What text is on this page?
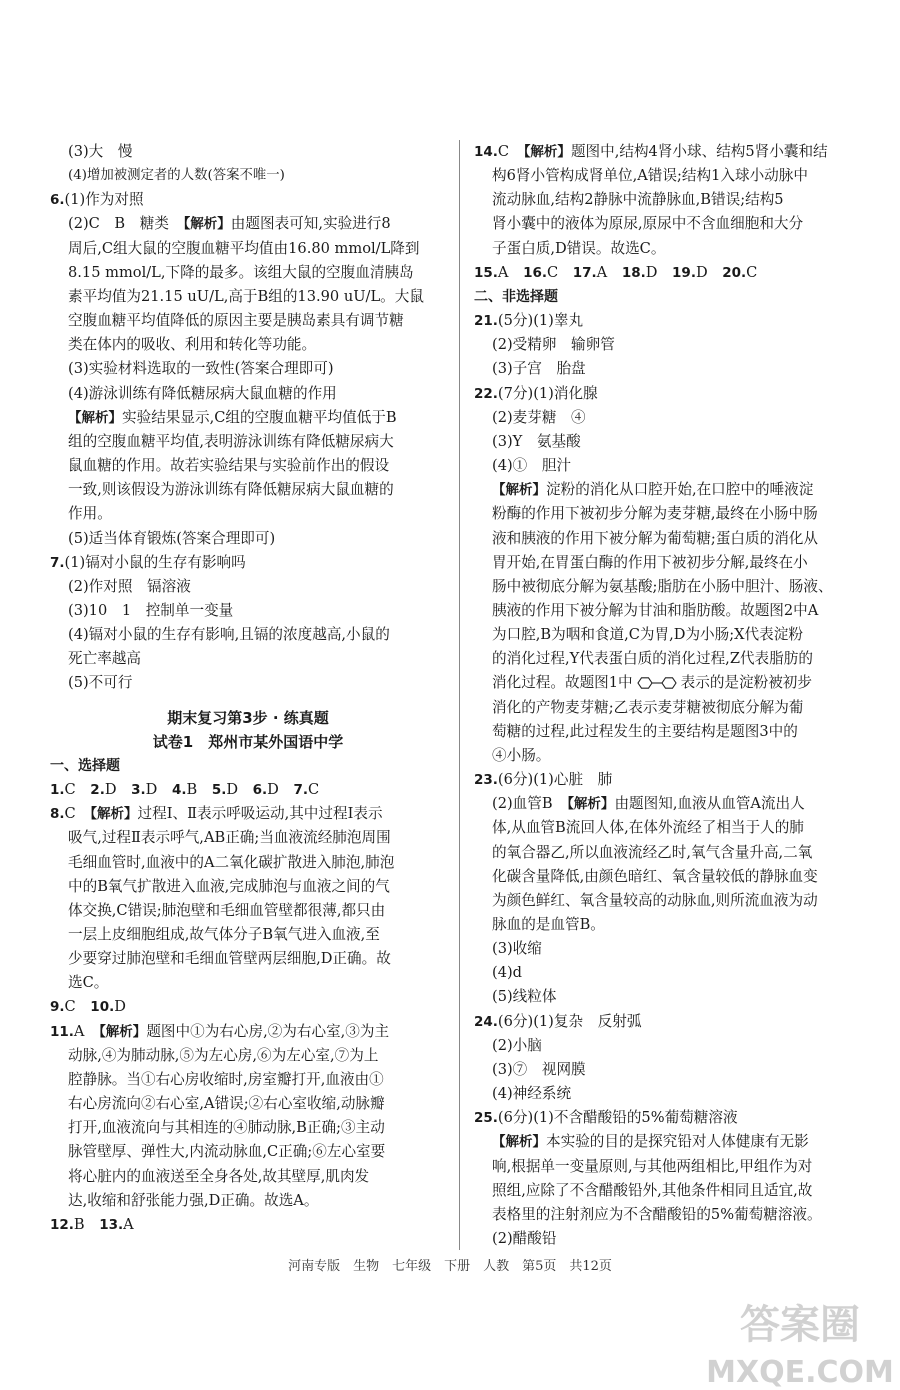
(3)大　慢
(4)增加被测定者的人数(答案不唯一)
6.(1)作为对照
(2)C　B　糖类　【解析】由题图表可知,实验进行8
周后,C组大鼠的空腹血糖平均值由16.80 mmol/L降到
8.15 mmol/L,下降的最多。该组大鼠的空腹血清胰岛
素平均值为21.15 uU/L,高于B组的13.90 uU/L。大鼠
空腹血糖平均值降低的原因主要是胰岛素具有调节糖
类在体内的吸收、利用和转化等功能。
(3)实验材料选取的一致性(答案合理即可)
(4)游泳训练有降低糖尿病大鼠血糖的作用
【解析】实验结果显示,C组的空腹血糖平均值低于B
组的空腹血糖平均值,表明游泳训练有降低糖尿病大
鼠血糖的作用。故若实验结果与实验前作出的假设
一致,则该假设为游泳训练有降低糖尿病大鼠血糖的
作用。
(5)适当体育锻炼(答案合理即可)
7.(1)镉对小鼠的生存有影响吗
(2)作对照　镉溶液
(3)10　1　控制单一变量
(4)镉对小鼠的生存有影响,且镉的浓度越高,小鼠的
死亡率越高
(5)不可行
期末复习第3步 · 练真题
试卷1　郑州市某外国语中学
一、选择题
1.C  2.D  3.D  4.B  5.D  6.D  7.C
8.C　【解析】过程Ⅰ、Ⅱ表示呼吸运动,其中过程Ⅰ表示
吸气,过程Ⅱ表示呼气,AB正确;当血液流经肺泡周围
毛细血管时,血液中的A二氧化碳扩散进入肺泡,肺泡
中的B氧气扩散进入血液,完成肺泡与血液之间的气
体交换,C错误;肺泡壁和毛细血管壁都很薄,都只由
一层上皮细胞组成,故气体分子B氧气进入血液,至
少要穿过肺泡壁和毛细血管壁两层细胞,D正确。故
选C。
9.C  10.D
11.A　【解析】题图中①为右心房,②为右心室,③为主
动脉,④为肺动脉,⑤为左心房,⑥为左心室,⑦为上
腔静脉。当①右心房收缩时,房室瓣打开,血液由①
右心房流向②右心室,A错误;②右心室收缩,动脉瓣
打开,血液流向与其相连的④肺动脉,B正确;③主动
脉管壁厚、弹性大,内流动脉血,C正确;⑥左心室要
将心脏内的血液送至全身各处,故其壁厚,肌肉发
达,收缩和舒张能力强,D正确。故选A。
12.B  13.A
14.C　【解析】题图中,结构4肾小球、结构5肾小囊和结
构6肾小管构成肾单位,A错误;结构1入球小动脉中
流动脉血,结构2静脉中流静脉血,B错误;结构5
肾小囊中的液体为原尿,原尿中不含血细胞和大分
子蛋白质,D错误。故选C。
15.A  16.C  17.A  18.D  19.D  20.C
二、非选择题
21.(5分)(1)睾丸
(2)受精卵　输卵管
(3)子宫　胎盘
22.(7分)(1)消化腺
(2)麦芽糖　④
(3)Y　氨基酸
(4)①　胆汁
【解析】淀粉的消化从口腔开始,在口腔中的唾液淀
粉酶的作用下被初步分解为麦芽糖,最终在小肠中肠
液和胰液的作用下被分解为葡萄糖;蛋白质的消化从
胃开始,在胃蛋白酶的作用下被初步分解,最终在小
肠中被彻底分解为氨基酸;脂肪在小肠中胆汁、肠液、
胰液的作用下被分解为甘油和脂肪酸。故题图2中A
为口腔,B为咽和食道,C为胃,D为小肠;X代表淀粉
的消化过程,Y代表蛋白质的消化过程,Z代表脂肪的
消化过程。故题图1中	表示的是淀粉被初步
消化的产物麦芽糖;乙表示麦芽糖被彻底分解为葡
萄糖的过程,此过程发生的主要结构是题图3中的
④小肠。
23.(6分)(1)心脏　肺
(2)血管B　【解析】由题图知,血液从血管A流出人
体,从血管B流回人体,在体外流经了相当于人的肺
的氧合器乙,所以血液流经乙时,氧气含量升高,二氧
化碳含量降低,由颜色暗红、氧含量较低的静脉血变
为颜色鲜红、氧含量较高的动脉血,则所流血液为动
脉血的是血管B。
(3)收缩
(4)d
(5)线粒体
24.(6分)(1)复杂　反射弧
(2)小脑
(3)⑦　视网膜
(4)神经系统
25.(6分)(1)不含醋酸铅的5%葡萄糖溶液
【解析】本实验的目的是探究铅对人体健康有无影
响,根据单一变量原则,与其他两组相比,甲组作为对
照组,应除了不含醋酸铅外,其他条件相同且适宜,故
表格里的注射剂应为不含醋酸铅的5%葡萄糖溶液。
(2)醋酸铅
河南专版　生物　七年级　下册　人教　第5页　共12页
答案圈
MXQE.COM
